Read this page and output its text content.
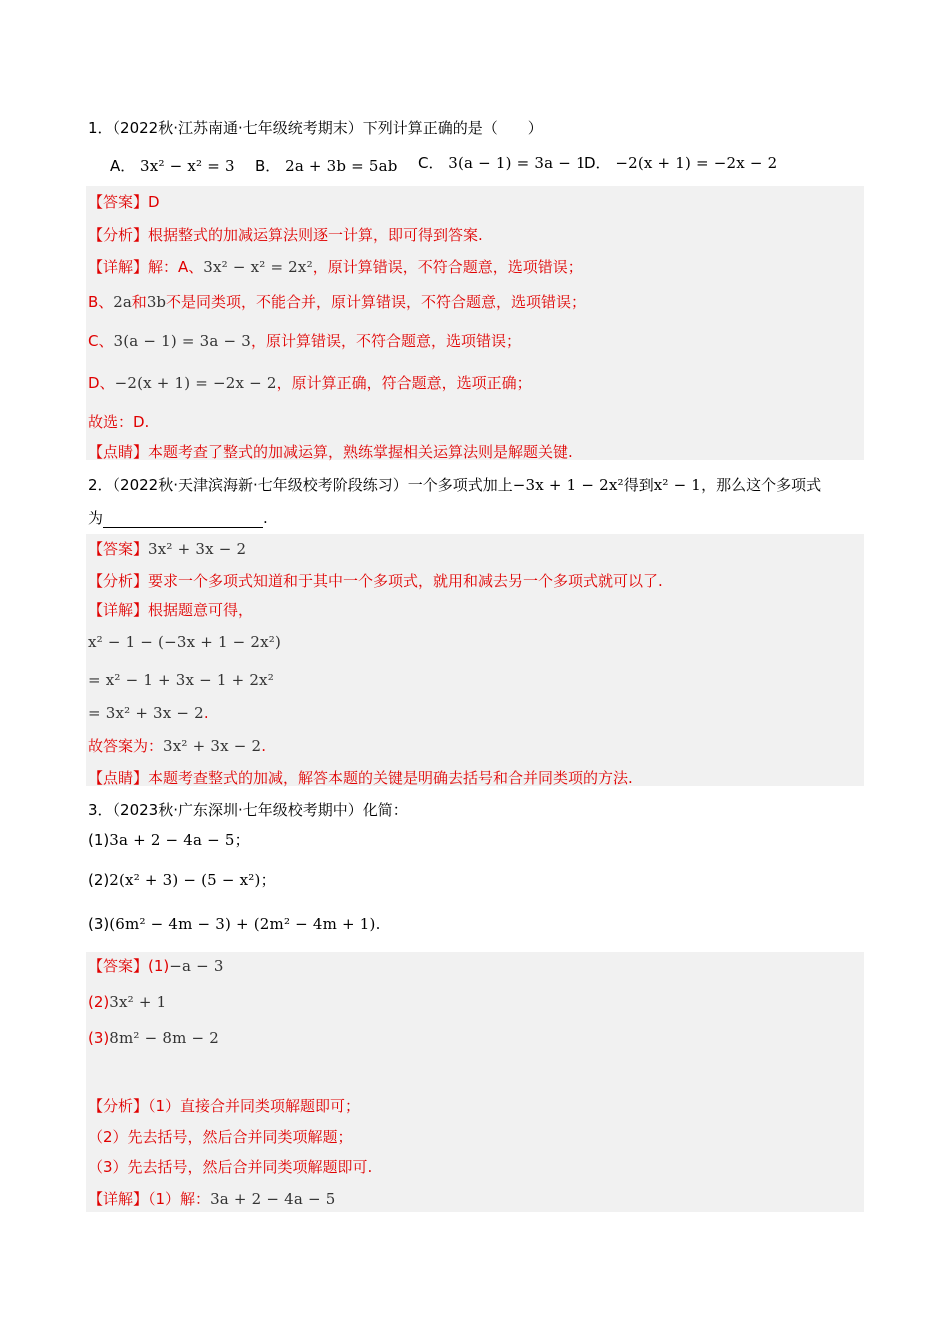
1．（2022秋·江苏南通·七年级统考期末）下列计算正确的是（　　）
A． 3x² − x² = 3 B． 2a + 3b = 5ab C． 3(a − 1) = 3a − 1
D． −2(x + 1) = −2x − 2
【答案】D
【分析】根据整式的加减运算法则逐一计算，即可得到答案.
【详解】解：A、3x² − x² = 2x²，原计算错误，不符合题意，选项错误；
B、2a和3b不是同类项，不能合并，原计算错误，不符合题意，选项错误；
C、3(a − 1) = 3a − 3，原计算错误，不符合题意，选项错误；
D、−2(x + 1) = −2x − 2，原计算正确，符合题意，选项正确；
故选：D.
【点睛】本题考查了整式的加减运算，熟练掌握相关运算法则是解题关键.
2．（2022秋·天津滨海新·七年级校考阶段练习）一个多项式加上−3x + 1 − 2x²得到x² − 1，那么这个多项式
为	.
【答案】3x² + 3x − 2
【分析】要求一个多项式知道和于其中一个多项式，就用和减去另一个多项式就可以了.
【详解】根据题意可得，
x² − 1 − (−3x + 1 − 2x²)
= x² − 1 + 3x − 1 + 2x²
= 3x² + 3x − 2.
故答案为：3x² + 3x − 2.
【点睛】本题考查整式的加减，解答本题的关键是明确去括号和合并同类项的方法.
3．（2023秋·广东深圳·七年级校考期中）化简：
(1)3a + 2 − 4a − 5；
(2)2(x² + 3) − (5 − x²)；
(3)(6m² − 4m − 3) + (2m² − 4m + 1).
【答案】(1)−a − 3
(2)3x² + 1
(3)8m² − 8m − 2
【分析】（1）直接合并同类项解题即可；
（2）先去括号，然后合并同类项解题；
（3）先去括号，然后合并同类项解题即可.
【详解】（1）解：3a + 2 − 4a − 5
